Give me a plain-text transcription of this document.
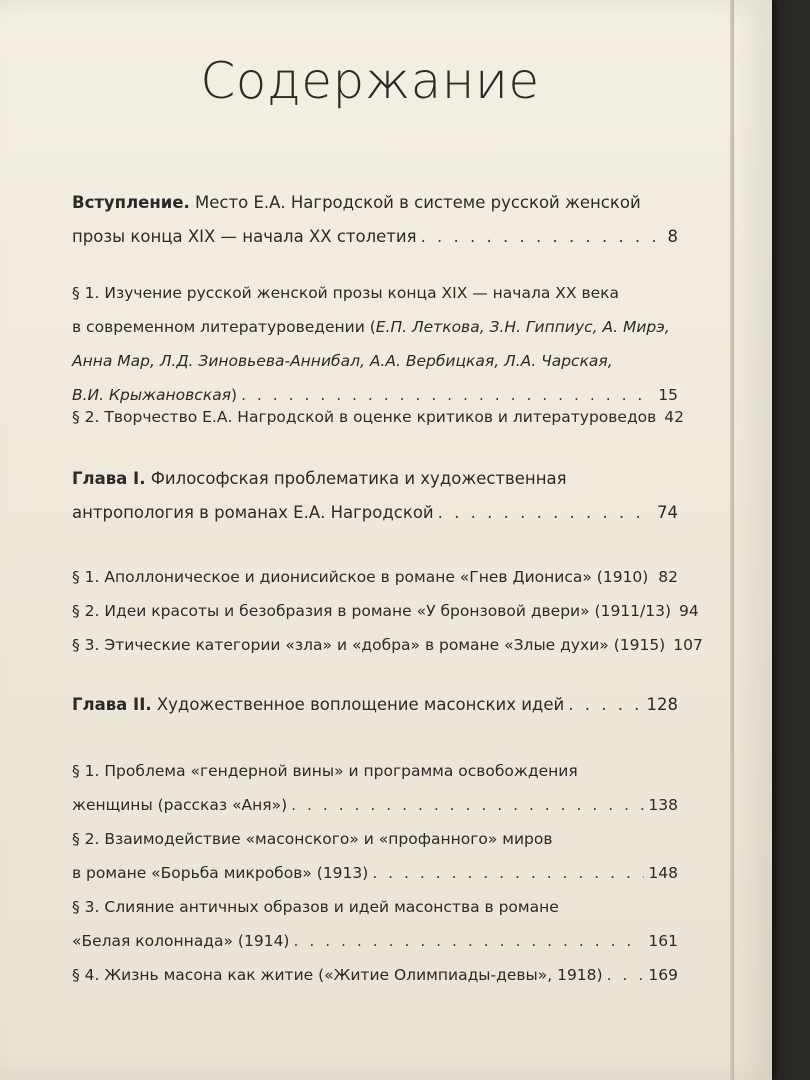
Содержание
Вступление. Место Е.А. Нагродской в системе русской женской
прозы конца XIX — начала XX столетия . . .	8
§ 1. Изучение русской женской прозы конца XIX — начала XX века
в современном литературоведении (Е.П. Леткова, З.Н. Гиппиус, А. Мирэ,
Анна Мар, Л.Д. Зиновьева-Аннибал, А.А. Вербицкая, Л.А. Чарская,
В.И. Крыжановская) . . .	15
§ 2. Творчество Е.А. Нагродской в оценке критиков и литературоведов 42
Глава I. Философская проблематика и художественная
антропология в романах Е.А. Нагродской . . .	74
§ 1. Аполлоническое и дионисийское в романе «Гнев Диониса» (1910) . . . 82
§ 2. Идеи красоты и безобразия в романе «У бронзовой двери» (1911/13) 94
§ 3. Этические категории «зла» и «добра» в романе «Злые духи» (1915) 107
Глава II. Художественное воплощение масонских идей . . .	128
§ 1. Проблема «гендерной вины» и программа освобождения
женщины (рассказ «Аня») . . .	138
§ 2. Взаимодействие «масонского» и «профанного» миров
в романе «Борьба микробов» (1913) . . .	148
§ 3. Слияние античных образов и идей масонства в романе
«Белая колоннада» (1914) . . .	161
§ 4. Жизнь масона как житие («Житие Олимпиады-девы», 1918) . . .	169
